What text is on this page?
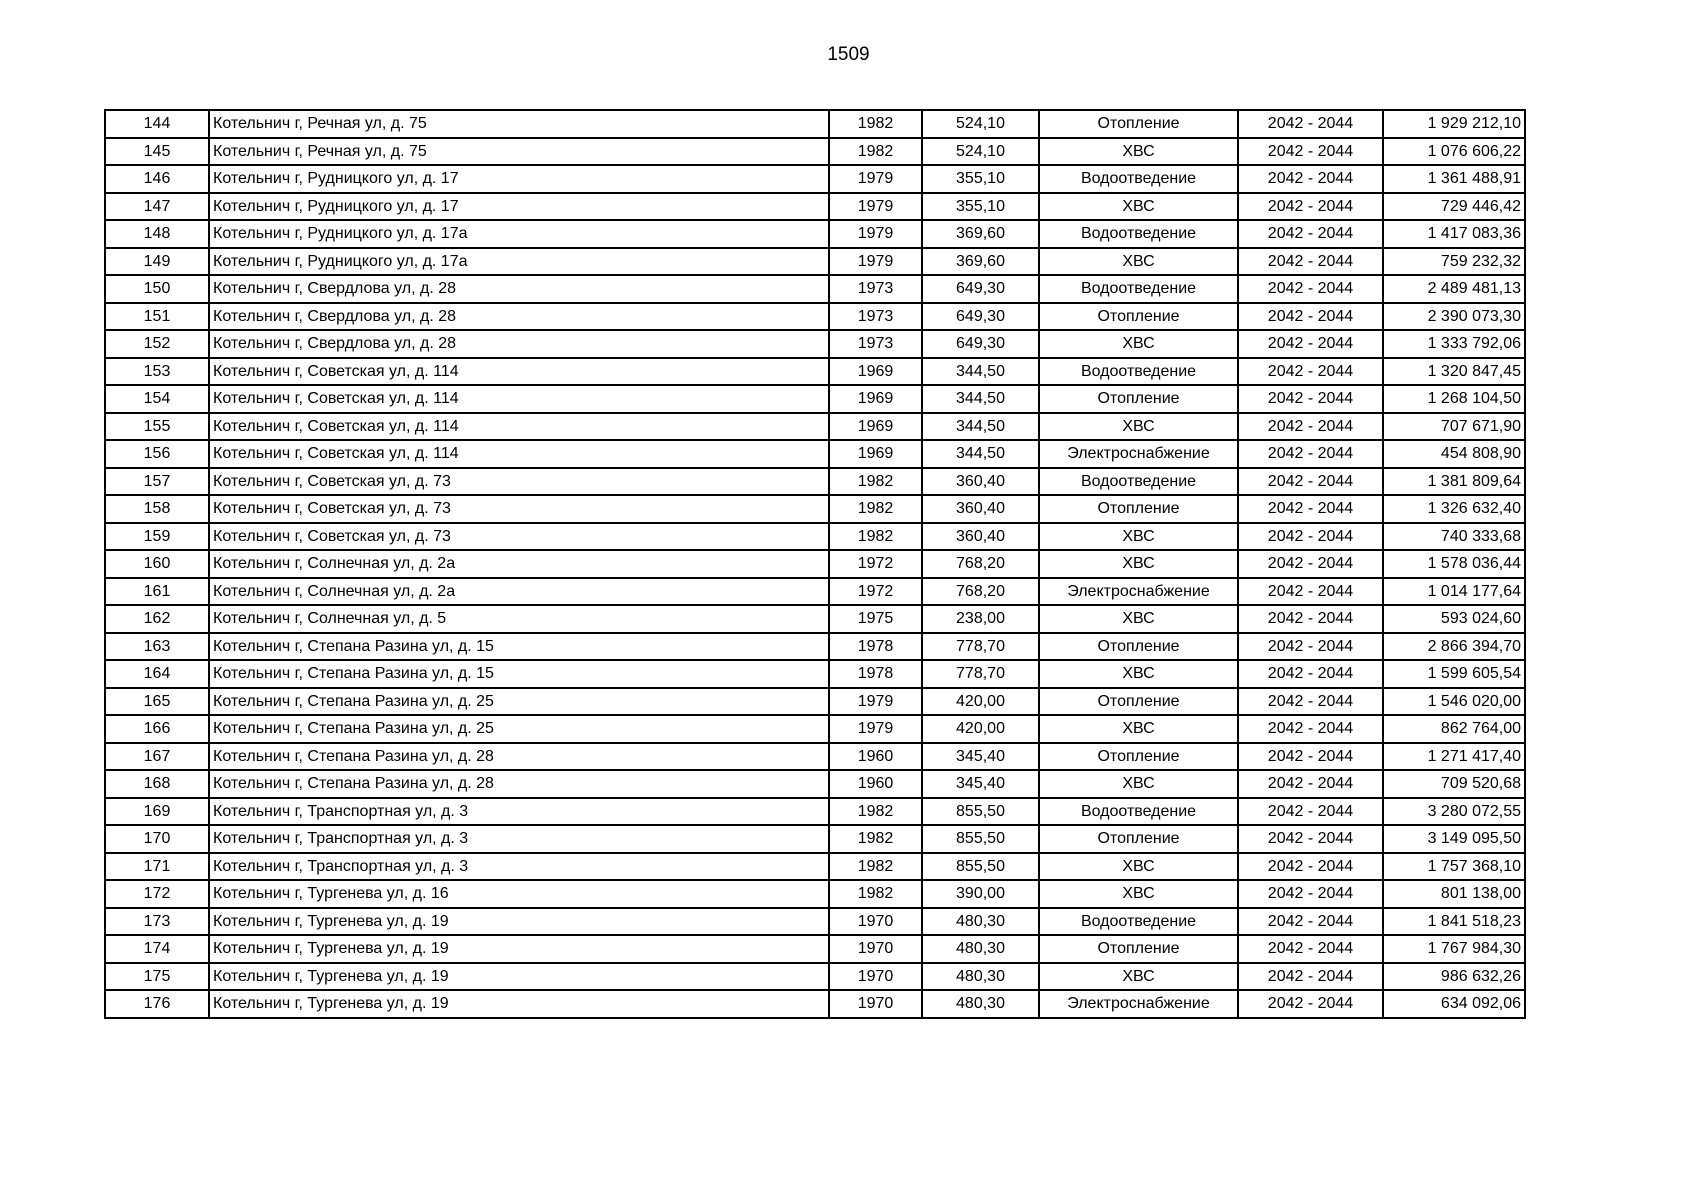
1509
144	Котельнич г, Речная ул, д. 75	1982	524,10	Отопление	2042 - 2044	1 929 212,10
145	Котельнич г, Речная ул, д. 75	1982	524,10	ХВС	2042 - 2044	1 076 606,22
146	Котельнич г, Рудницкого ул, д. 17	1979	355,10	Водоотведение	2042 - 2044	1 361 488,91
147	Котельнич г, Рудницкого ул, д. 17	1979	355,10	ХВС	2042 - 2044	729 446,42
148	Котельнич г, Рудницкого ул, д. 17а	1979	369,60	Водоотведение	2042 - 2044	1 417 083,36
149	Котельнич г, Рудницкого ул, д. 17а	1979	369,60	ХВС	2042 - 2044	759 232,32
150	Котельнич г, Свердлова ул, д. 28	1973	649,30	Водоотведение	2042 - 2044	2 489 481,13
151	Котельнич г, Свердлова ул, д. 28	1973	649,30	Отопление	2042 - 2044	2 390 073,30
152	Котельнич г, Свердлова ул, д. 28	1973	649,30	ХВС	2042 - 2044	1 333 792,06
153	Котельнич г, Советская ул, д. 114	1969	344,50	Водоотведение	2042 - 2044	1 320 847,45
154	Котельнич г, Советская ул, д. 114	1969	344,50	Отопление	2042 - 2044	1 268 104,50
155	Котельнич г, Советская ул, д. 114	1969	344,50	ХВС	2042 - 2044	707 671,90
156	Котельнич г, Советская ул, д. 114	1969	344,50	Электроснабжение	2042 - 2044	454 808,90
157	Котельнич г, Советская ул, д. 73	1982	360,40	Водоотведение	2042 - 2044	1 381 809,64
158	Котельнич г, Советская ул, д. 73	1982	360,40	Отопление	2042 - 2044	1 326 632,40
159	Котельнич г, Советская ул, д. 73	1982	360,40	ХВС	2042 - 2044	740 333,68
160	Котельнич г, Солнечная ул, д. 2а	1972	768,20	ХВС	2042 - 2044	1 578 036,44
161	Котельнич г, Солнечная ул, д. 2а	1972	768,20	Электроснабжение	2042 - 2044	1 014 177,64
162	Котельнич г, Солнечная ул, д. 5	1975	238,00	ХВС	2042 - 2044	593 024,60
163	Котельнич г, Степана Разина ул, д. 15	1978	778,70	Отопление	2042 - 2044	2 866 394,70
164	Котельнич г, Степана Разина ул, д. 15	1978	778,70	ХВС	2042 - 2044	1 599 605,54
165	Котельнич г, Степана Разина ул, д. 25	1979	420,00	Отопление	2042 - 2044	1 546 020,00
166	Котельнич г, Степана Разина ул, д. 25	1979	420,00	ХВС	2042 - 2044	862 764,00
167	Котельнич г, Степана Разина ул, д. 28	1960	345,40	Отопление	2042 - 2044	1 271 417,40
168	Котельнич г, Степана Разина ул, д. 28	1960	345,40	ХВС	2042 - 2044	709 520,68
169	Котельнич г, Транспортная ул, д. 3	1982	855,50	Водоотведение	2042 - 2044	3 280 072,55
170	Котельнич г, Транспортная ул, д. 3	1982	855,50	Отопление	2042 - 2044	3 149 095,50
171	Котельнич г, Транспортная ул, д. 3	1982	855,50	ХВС	2042 - 2044	1 757 368,10
172	Котельнич г, Тургенева ул, д. 16	1982	390,00	ХВС	2042 - 2044	801 138,00
173	Котельнич г, Тургенева ул, д. 19	1970	480,30	Водоотведение	2042 - 2044	1 841 518,23
174	Котельнич г, Тургенева ул, д. 19	1970	480,30	Отопление	2042 - 2044	1 767 984,30
175	Котельнич г, Тургенева ул, д. 19	1970	480,30	ХВС	2042 - 2044	986 632,26
176	Котельнич г, Тургенева ул, д. 19	1970	480,30	Электроснабжение	2042 - 2044	634 092,06
